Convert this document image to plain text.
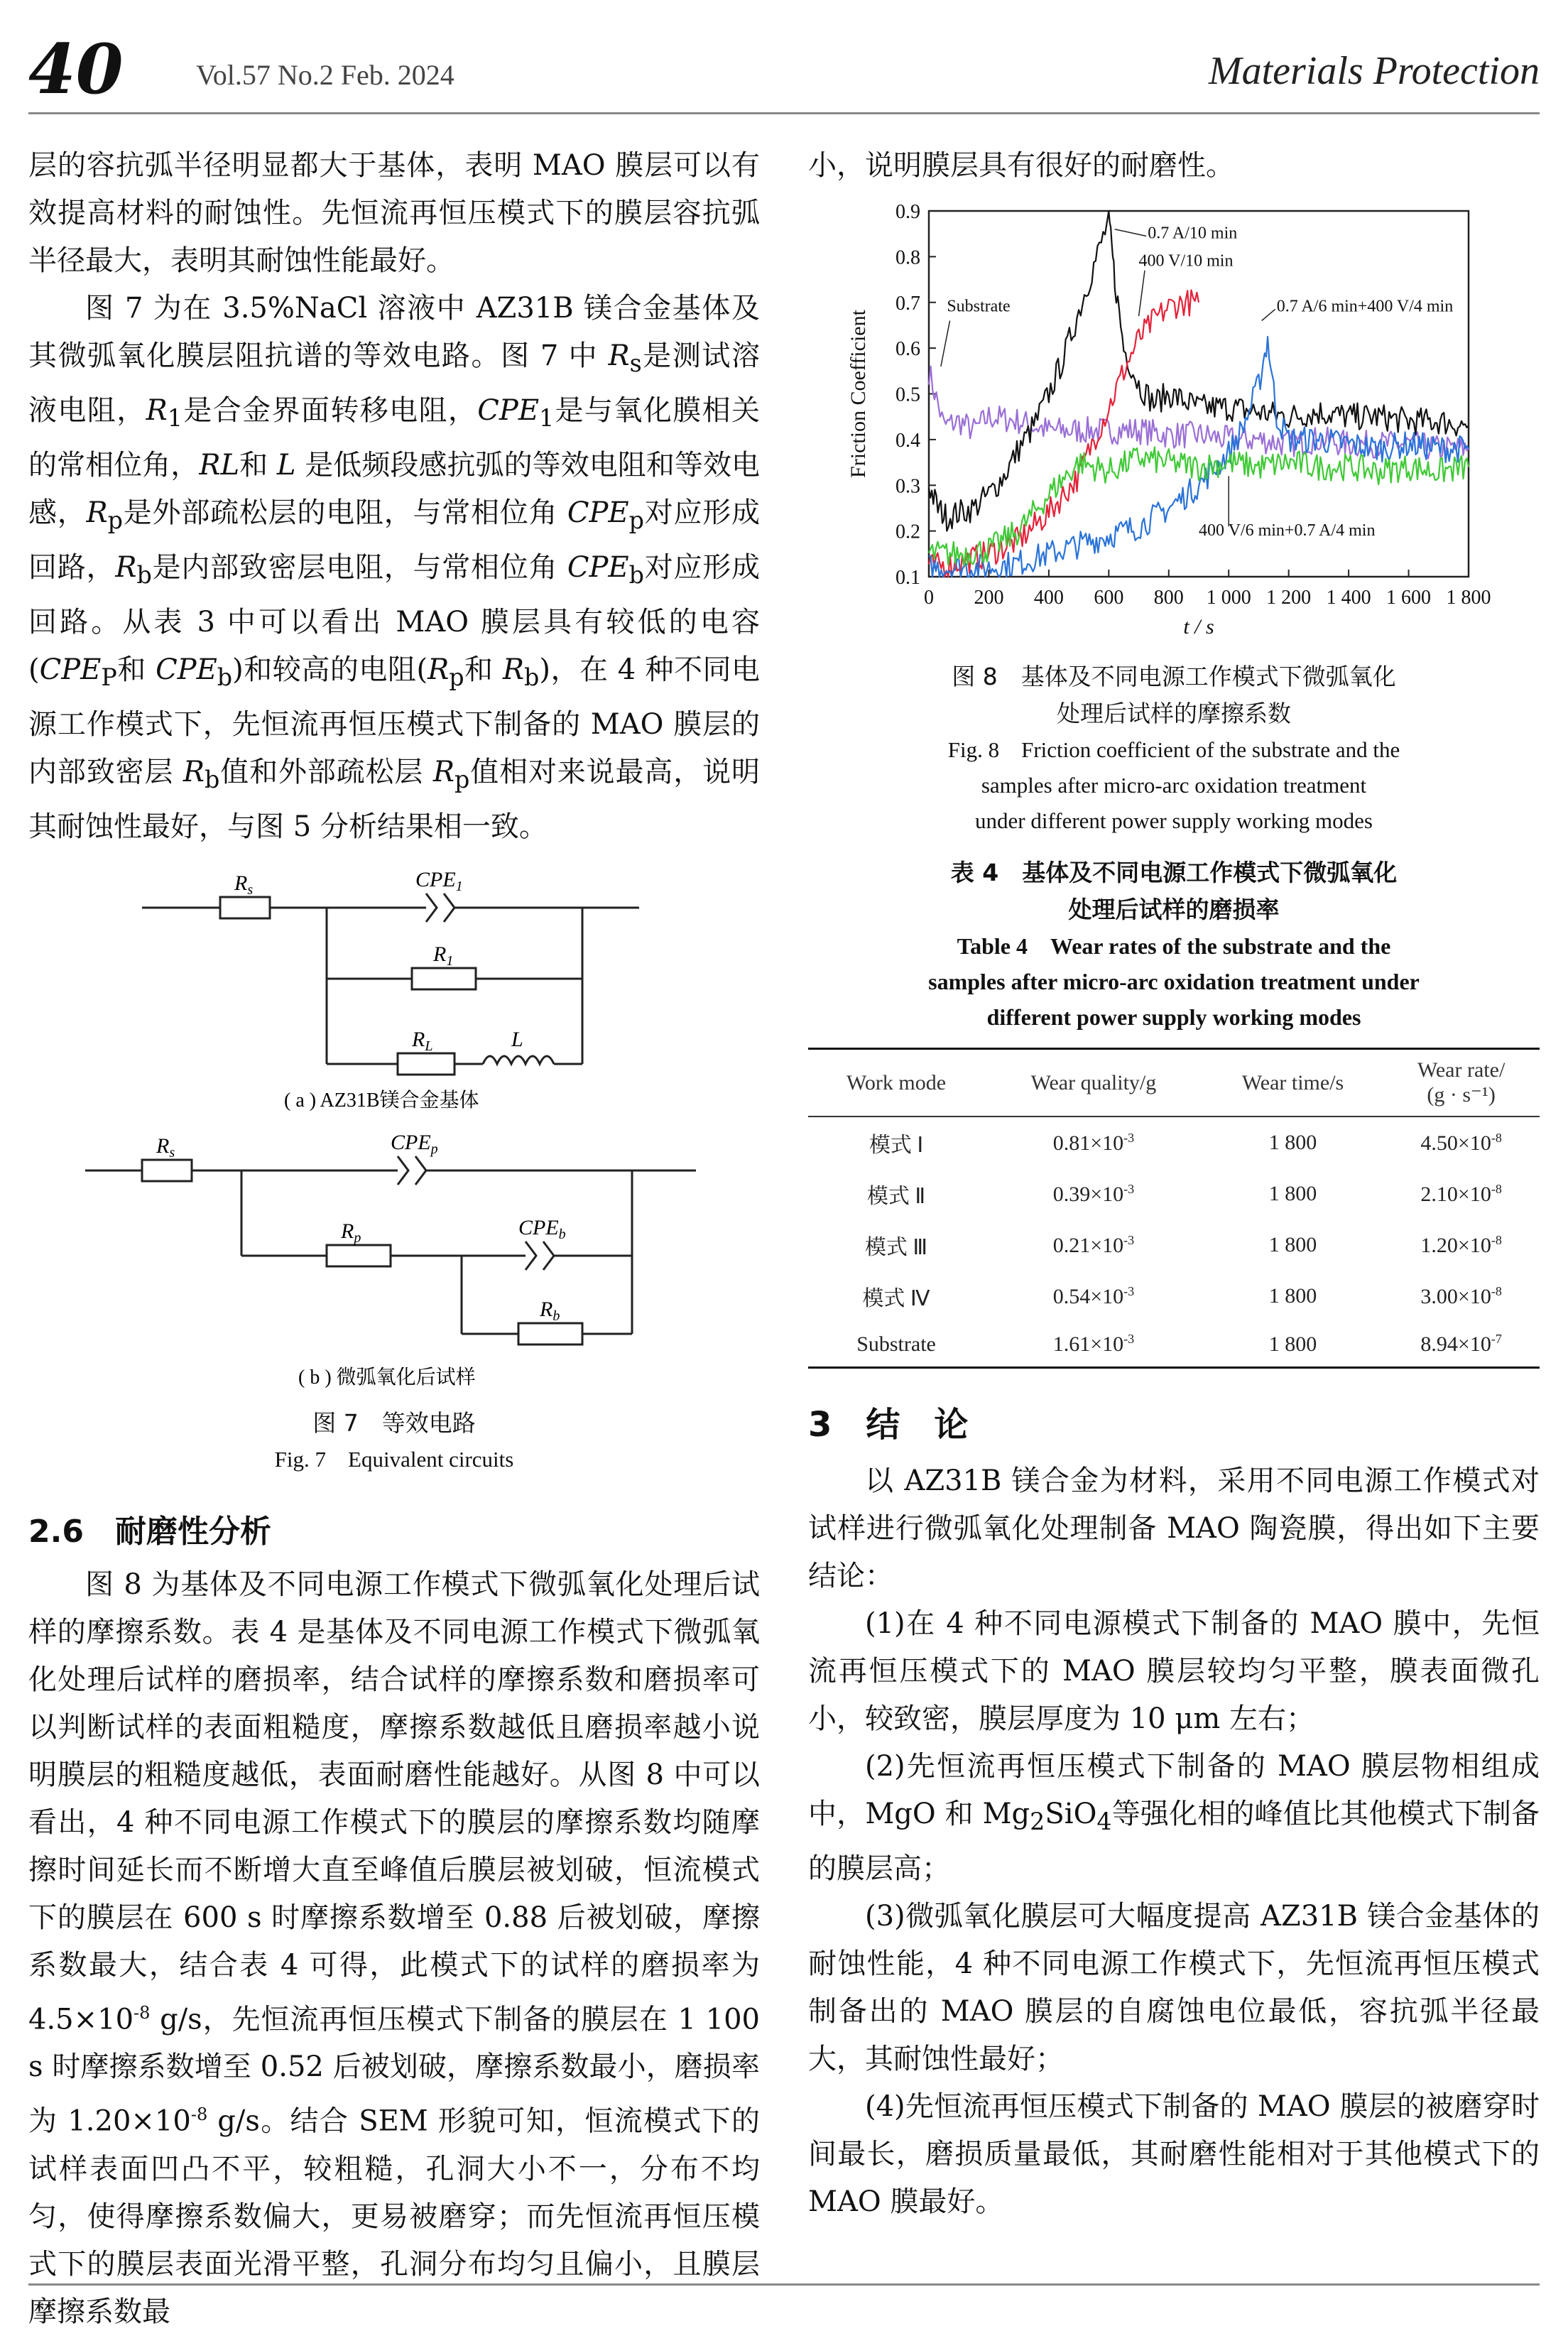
40	Vol.57 No.2 Feb. 2024	Materials Protection

层的容抗弧半径明显都大于基体，表明 MAO 膜层可以有效提高材料的耐蚀性。先恒流再恒压模式下的膜层容抗弧半径最大，表明其耐蚀性能最好。

图 7 为在 3.5%NaCl 溶液中 AZ31B 镁合金基体及其微弧氧化膜层阻抗谱的等效电路。图 7 中 $R_s$是测试溶液电阻，$R_1$是合金界面转移电阻，$CPE_1$是与氧化膜相关的常相位角，RL和 L 是低频段感抗弧的等效电阻和等效电感，$R_p$是外部疏松层的电阻，与常相位角 $CPE_p$对应形成回路，$R_b$是内部致密层电阻，与常相位角 $CPE_b$对应形成回路。从表 3 中可以看出 MAO 膜层具有较低的电容($CPE_P$和 $CPE_b$)和较高的电阻($R_p$和 $R_b$)，在 4 种不同电源工作模式下，先恒流再恒压模式下制备的 MAO 膜层的内部致密层 $R_b$值和外部疏松层 $R_p$值相对来说最高，说明其耐蚀性最好，与图 5 分析结果相一致。

$R_s$	$CPE_1$
$R_1$
$R_L$	L
( a ) AZ31B镁合金基体
$R_s$	$CPE_p$
$R_p$	$CPE_b$
$R_b$
( b ) 微弧氧化后试样
图 7　等效电路
Fig. 7　Equivalent circuits
2.6　耐磨性分析

图 8 为基体及不同电源工作模式下微弧氧化处理后试样的摩擦系数。表 4 是基体及不同电源工作模式下微弧氧化处理后试样的磨损率，结合试样的摩擦系数和磨损率可以判断试样的表面粗糙度，摩擦系数越低且磨损率越小说明膜层的粗糙度越低，表面耐磨性能越好。从图 8 中可以看出，4 种不同电源工作模式下的膜层的摩擦系数均随摩擦时间延长而不断增大直至峰值后膜层被划破，恒流模式下的膜层在 600 s 时摩擦系数增至 0.88 后被划破，摩擦系数最大，结合表 4 可得，此模式下的试样的磨损率为 $4.5\times 10^{-8}$ g/s，先恒流再恒压模式下制备的膜层在 1 100 s 时摩擦系数增至 0.52 后被划破，摩擦系数最小，磨损率为 $1.20\times 10^{-8}$ g/s。结合 SEM 形貌可知，恒流模式下的试样表面凹凸不平，较粗糙，孔洞大小不一，分布不均匀，使得摩擦系数偏大，更易被磨穿；而先恒流再恒压模式下的膜层表面光滑平整，孔洞分布均匀且偏小，且膜层摩擦系数最

小，说明膜层具有很好的耐磨性。

0 200 400 600 800 1 000 1 200 1 400 1 600 1 800
0.1
0.2
0.3
0.4
0.5
0.6
0.7
0.8
0.9
t / s
Friction Coefficient
Substrate
0.7 A/10 min
400 V/10 min
0.7 A/6 min+400 V/4 min
400 V/6 min+0.7 A/4 min
图 8　基体及不同电源工作模式下微弧氧化
处理后试样的摩擦系数
Fig. 8　Friction coefficient of the substrate and the
samples after micro-arc oxidation treatment
under different power supply working modes
表 4　基体及不同电源工作模式下微弧氧化
处理后试样的磨损率
Table 4　Wear rates of the substrate and the
samples after micro-arc oxidation treatment under
different power supply working modes
Work mode	Wear quality/g	Wear time/s	Wear rate/
(g · s⁻¹)
模式 Ⅰ	$0.81\times 10^{-3}$	1 800	$4.50\times 10^{-8}$
模式 Ⅱ	$0.39\times 10^{-3}$	1 800	$2.10\times 10^{-8}$
模式 Ⅲ	$0.21\times 10^{-3}$	1 800	$1.20\times 10^{-8}$
模式 Ⅳ	$0.54\times 10^{-3}$	1 800	$3.00\times 10^{-8}$
Substrate	$1.61\times 10^{-3}$	1 800	$8.94\times 10^{-7}$
3　结　论

以 AZ31B 镁合金为材料，采用不同电源工作模式对试样进行微弧氧化处理制备 MAO 陶瓷膜，得出如下主要结论：

(1)在 4 种不同电源模式下制备的 MAO 膜中，先恒流再恒压模式下的 MAO 膜层较均匀平整，膜表面微孔小，较致密，膜层厚度为 10 μm 左右；

(2)先恒流再恒压模式下制备的 MAO 膜层物相组成中，MgO 和 $Mg_2SiO_4$等强化相的峰值比其他模式下制备的膜层高；

(3)微弧氧化膜层可大幅度提高 AZ31B 镁合金基体的耐蚀性能，4 种不同电源工作模式下，先恒流再恒压模式制备出的 MAO 膜层的自腐蚀电位最低，容抗弧半径最大，其耐蚀性最好；

(4)先恒流再恒压模式下制备的 MAO 膜层的被磨穿时间最长，磨损质量最低，其耐磨性能相对于其他模式下的 MAO 膜最好。
